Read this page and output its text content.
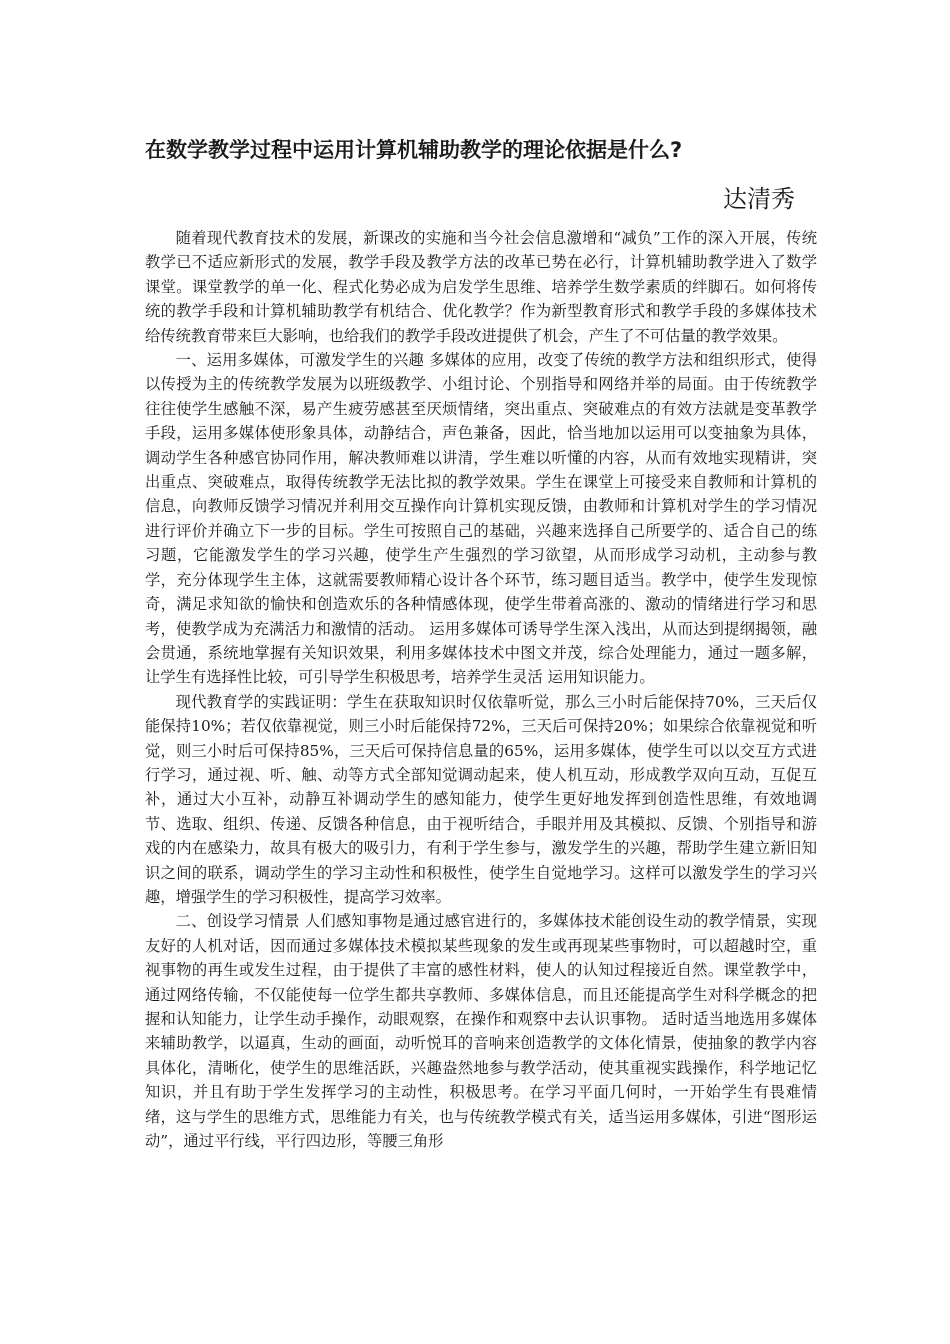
在数学教学过程中运用计算机辅助教学的理论依据是什么?
达清秀

随着现代教育技术的发展，新课改的实施和当今社会信息激增和“减负”工作的深入开展，传统教学已不适应新形式的发展，教学手段及教学方法的改革已势在必行，计算机辅助教学进入了数学课堂。课堂教学的单一化、程式化势必成为启发学生思维、培养学生数学素质的绊脚石。如何将传统的教学手段和计算机辅助教学有机结合、优化教学？作为新型教育形式和教学手段的多媒体技术给传统教育带来巨大影响，也给我们的教学手段改进提供了机会，产生了不可估量的教学效果。

一、运用多媒体，可激发学生的兴趣 多媒体的应用，改变了传统的教学方法和组织形式，使得以传授为主的传统教学发展为以班级教学、小组讨论、个别指导和网络并举的局面。由于传统教学往往使学生感触不深，易产生疲劳感甚至厌烦情绪，突出重点、突破难点的有效方法就是变革教学手段，运用多媒体使形象具体，动静结合，声色兼备，因此，恰当地加以运用可以变抽象为具体，调动学生各种感官协同作用，解决教师难以讲清，学生难以听懂的内容，从而有效地实现精讲，突出重点、突破难点，取得传统教学无法比拟的教学效果。学生在课堂上可接受来自教师和计算机的信息，向教师反馈学习情况并利用交互操作向计算机实现反馈，由教师和计算机对学生的学习情况进行评价并确立下一步的目标。学生可按照自己的基础，兴趣来选择自己所要学的、适合自己的练习题，它能激发学生的学习兴趣，使学生产生强烈的学习欲望，从而形成学习动机，主动参与教学，充分体现学生主体，这就需要教师精心设计各个环节，练习题目适当。教学中，使学生发现惊奇，满足求知欲的愉快和创造欢乐的各种情感体现，使学生带着高涨的、激动的情绪进行学习和思考，使教学成为充满活力和激情的活动。 运用多媒体可诱导学生深入浅出，从而达到提纲揭领，融会贯通，系统地掌握有关知识效果，利用多媒体技术中图文并茂，综合处理能力，通过一题多解，让学生有选择性比较，可引导学生积极思考，培养学生灵活 运用知识能力。

现代教育学的实践证明：学生在获取知识时仅依靠听觉，那么三小时后能保持70%，三天后仅能保持10%；若仅依靠视觉，则三小时后能保持72%，三天后可保持20%；如果综合依靠视觉和听觉，则三小时后可保持85%，三天后可保持信息量的65%，运用多媒体，使学生可以以交互方式进行学习，通过视、听、触、动等方式全部知觉调动起来，使人机互动，形成教学双向互动，互促互补，通过大小互补，动静互补调动学生的感知能力，使学生更好地发挥到创造性思维，有效地调节、选取、组织、传递、反馈各种信息，由于视听结合，手眼并用及其模拟、反馈、个别指导和游戏的内在感染力，故具有极大的吸引力，有利于学生参与，激发学生的兴趣，帮助学生建立新旧知识之间的联系，调动学生的学习主动性和积极性，使学生自觉地学习。这样可以激发学生的学习兴趣，增强学生的学习积极性，提高学习效率。

二、创设学习情景 人们感知事物是通过感官进行的，多媒体技术能创设生动的教学情景，实现友好的人机对话，因而通过多媒体技术模拟某些现象的发生或再现某些事物时，可以超越时空，重视事物的再生或发生过程，由于提供了丰富的感性材料，使人的认知过程接近自然。课堂教学中，通过网络传输，不仅能使每一位学生都共享教师、多媒体信息，而且还能提高学生对科学概念的把握和认知能力，让学生动手操作，动眼观察，在操作和观察中去认识事物。 适时适当地选用多媒体来辅助教学，以逼真，生动的画面，动听悦耳的音响来创造教学的文体化情景，使抽象的教学内容具体化，清晰化，使学生的思维活跃，兴趣盎然地参与教学活动，使其重视实践操作，科学地记忆知识，并且有助于学生发挥学习的主动性，积极思考。在学习平面几何时，一开始学生有畏难情绪，这与学生的思维方式，思维能力有关，也与传统教学模式有关，适当运用多媒体，引进“图形运动”，通过平行线，平行四边形，等腰三角形
